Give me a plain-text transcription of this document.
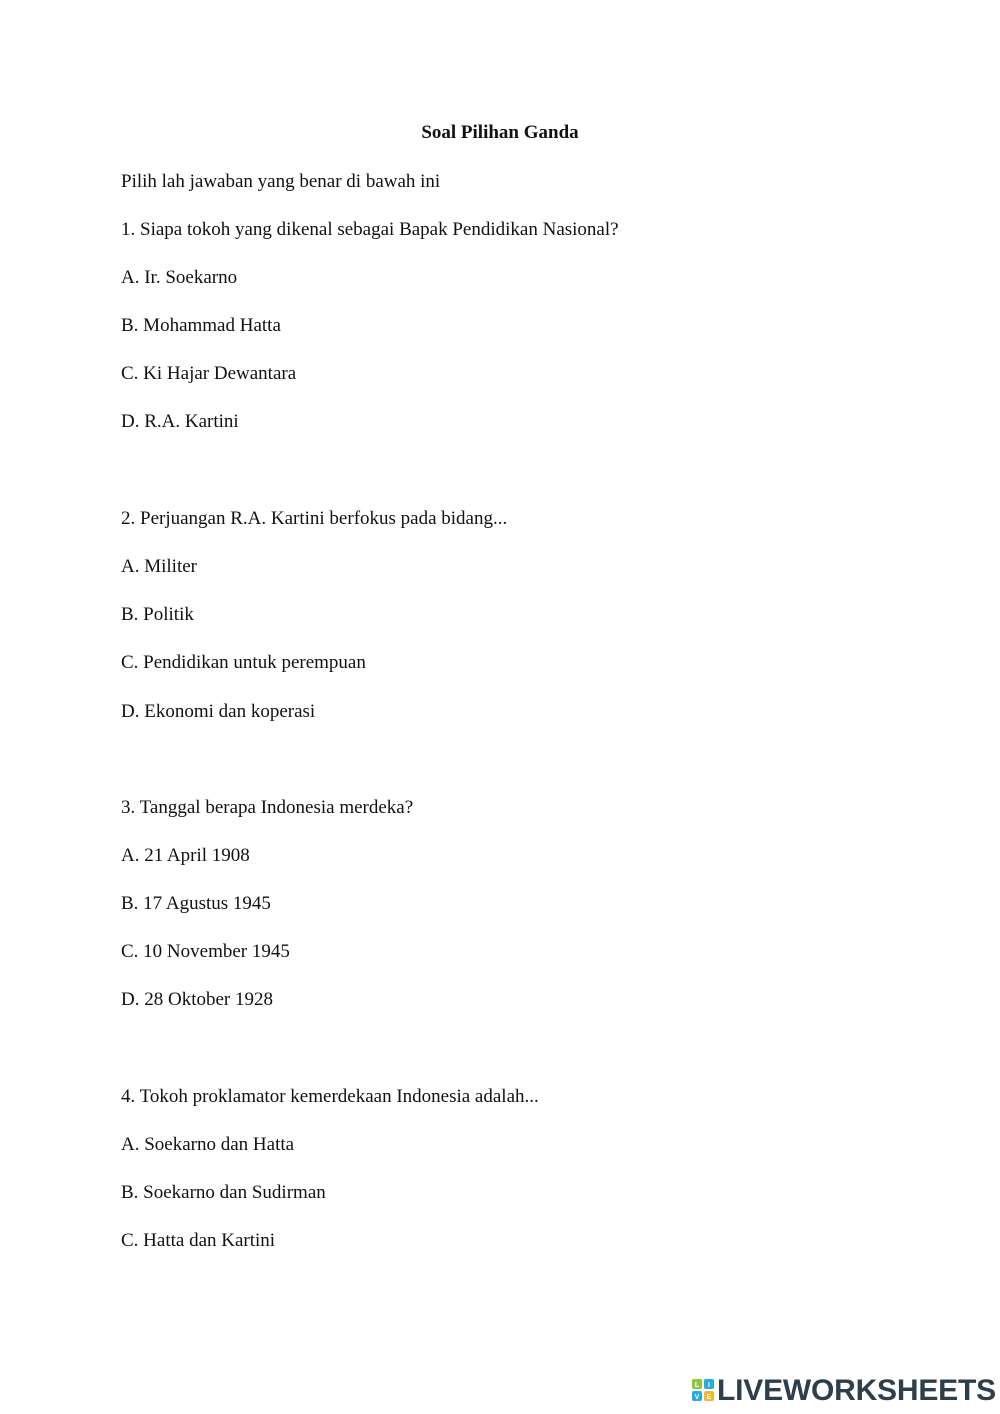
Soal Pilihan Ganda
Pilih lah jawaban yang benar di bawah ini
1. Siapa tokoh yang dikenal sebagai Bapak Pendidikan Nasional?
A. Ir. Soekarno
B. Mohammad Hatta
C. Ki Hajar Dewantara
D. R.A. Kartini
2. Perjuangan R.A. Kartini berfokus pada bidang...
A. Militer
B. Politik
C. Pendidikan untuk perempuan
D. Ekonomi dan koperasi
3. Tanggal berapa Indonesia merdeka?
A. 21 April 1908
B. 17 Agustus 1945
C. 10 November 1945
D. 28 Oktober 1928
4. Tokoh proklamator kemerdekaan Indonesia adalah...
A. Soekarno dan Hatta
B. Soekarno dan Sudirman
C. Hatta dan Kartini
L I
V E LIVEWORKSHEETS
